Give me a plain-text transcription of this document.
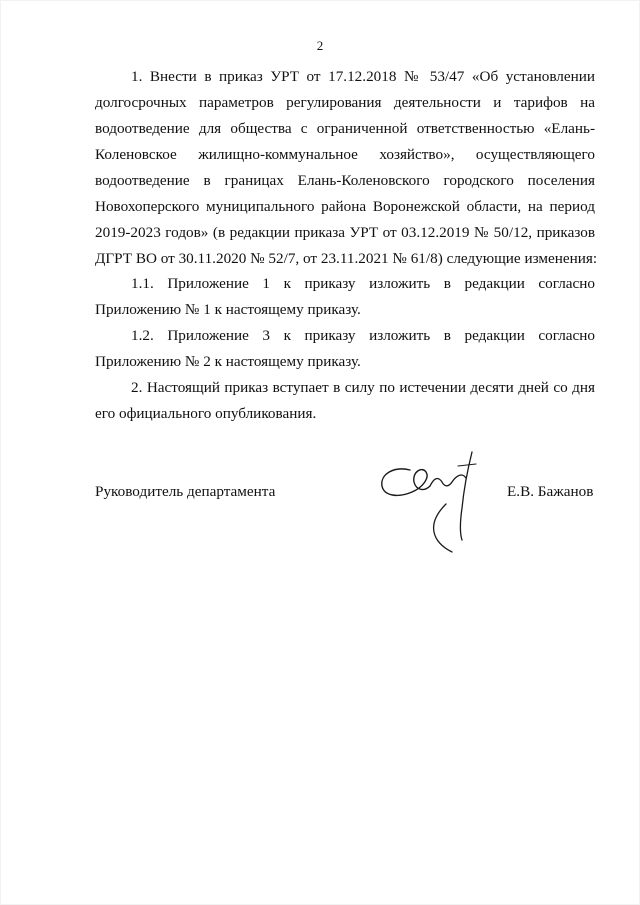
2
1. Внести в приказ УРТ от 17.12.2018 № 53/47 «Об установлении
долгосрочных параметров регулирования деятельности и тарифов на
водоотведение для общества с ограниченной ответственностью «Елань-
Коленовское жилищно-коммунальное хозяйство», осуществляющего
водоотведение в границах Елань-Коленовского городского поселения
Новохоперского муниципального района Воронежской области, на период
2019-2023 годов» (в редакции приказа УРТ от 03.12.2019 № 50/12, приказов
ДГРТ ВО от 30.11.2020 № 52/7, от 23.11.2021 № 61/8) следующие изменения:
1.1. Приложение 1 к приказу изложить в редакции согласно
Приложению № 1 к настоящему приказу.
1.2. Приложение 3 к приказу изложить в редакции согласно
Приложению № 2 к настоящему приказу.
2. Настоящий приказ вступает в силу по истечении десяти дней со дня
его официального опубликования.
Руководитель департамента	Е.В. Бажанов
